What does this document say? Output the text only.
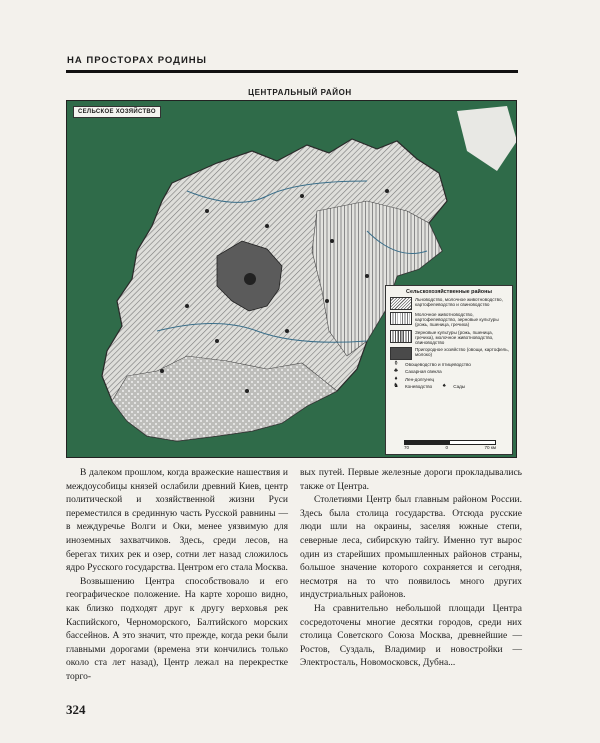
НА ПРОСТОРАХ РОДИНЫ
ЦЕНТРАЛЬНЫЙ РАЙОН
СЕЛЬСКОЕ ХОЗЯЙСТВО
Сельскохозяйственные районы
Льноводство, молочное животноводство, картофелеводство и свиноводство
Молочное животноводство, картофелеводство, зерновые культуры (рожь, пшеница, гречиха)
Зерновые культуры (рожь, пшеница, гречиха), молочное животноводство, свиноводство
Пригородное хозяйство (овощи, картофель, молоко)
⚱	Овощеводство и птицеводство
♣	Сахарная свекла
♦	Лен-долгунец
♞	Коневодство	♠	Сады
70	0	70 км

В далеком прошлом, когда вражеские нашествия и междоусобицы князей ослабили древний Киев, центр политической и хозяйственной жизни Руси переместился в срединную часть Русской равнины — в междуречье Волги и Оки, менее уязвимую для иноземных захватчиков. Здесь, среди лесов, на берегах тихих рек и озер, сотни лет назад сложилось ядро Русского государства. Центром его стала Москва.

Возвышению Центра способствовало и его географическое положение. На карте хорошо видно, как близко подходят друг к другу верховья рек Каспийского, Черноморского, Балтийского морских бассейнов. А это значит, что прежде, когда реки были главными дорогами (времена эти кончились только около ста лет назад), Центр лежал на перекрестке торго-

вых путей. Первые железные дороги прокладывались также от Центра.

Столетиями Центр был главным районом России. Здесь была столица государства. Отсюда русские люди шли на окраины, заселяя южные степи, северные леса, сибирскую тайгу. Именно тут вырос один из старейших промышленных районов страны, большое значение которого сохраняется и сегодня, несмотря на то что появилось много других индустриальных районов.

На сравнительно небольшой площади Центра сосредоточены многие десятки городов, среди них столица Советского Союза Москва, древнейшие — Ростов, Суздаль, Владимир и новостройки — Электросталь, Новомосковск, Дубна...

324
